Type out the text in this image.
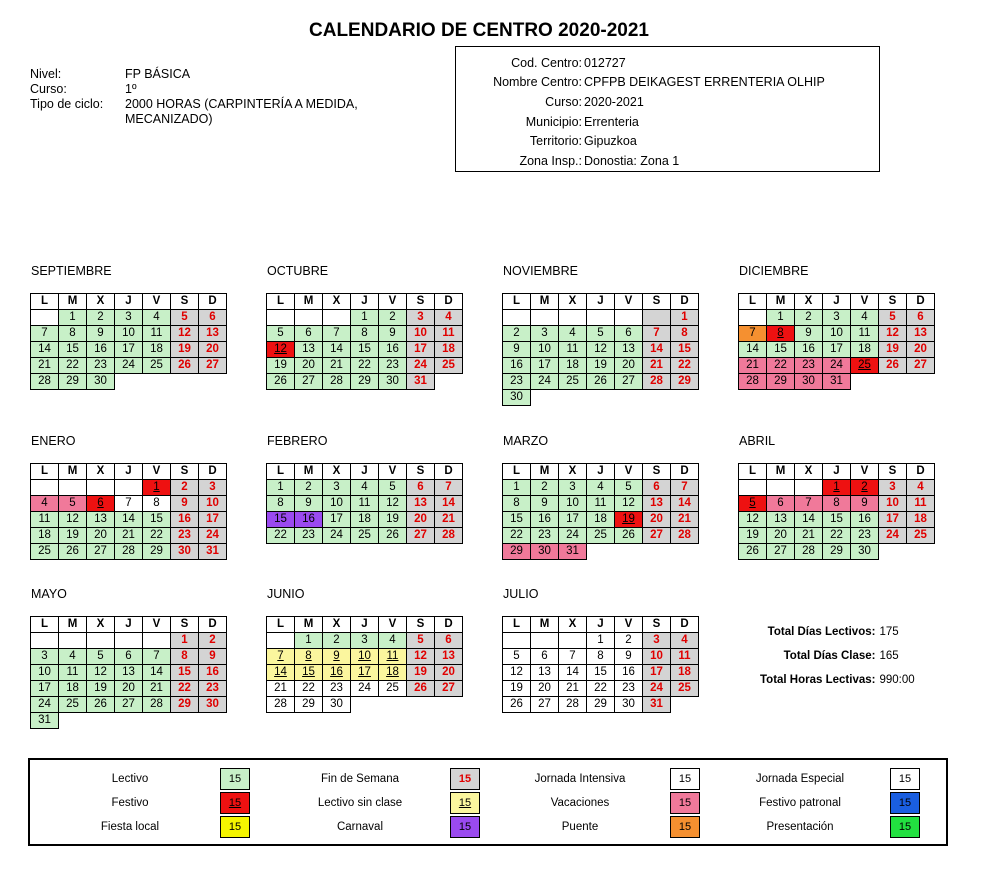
CALENDARIO DE CENTRO 2020-2021
Nivel:	FP BÁSICA
Curso:	1º
Tipo de ciclo:	2000 HORAS (CARPINTERÍA A MEDIDA, MECANIZADO)
Cod. Centro: 012727
Nombre Centro: CPFPB DEIKAGEST ERRENTERIA OLHIP
Curso: 2020-2021
Municipio: Errenteria
Territorio: Gipuzkoa
Zona Insp.: Donostia: Zona 1
SEPTIEMBRE
L	M	X	J	V	S	D
	1	2	3	4	5	6
7	8	9	10	11	12	13
14	15	16	17	18	19	20
21	22	23	24	25	26	27
28	29	30				
OCTUBRE
L	M	X	J	V	S	D
			1	2	3	4
5	6	7	8	9	10	11
12	13	14	15	16	17	18
19	20	21	22	23	24	25
26	27	28	29	30	31	
NOVIEMBRE
L	M	X	J	V	S	D
						1
2	3	4	5	6	7	8
9	10	11	12	13	14	15
16	17	18	19	20	21	22
23	24	25	26	27	28	29
30						
DICIEMBRE
L	M	X	J	V	S	D
	1	2	3	4	5	6
7	8	9	10	11	12	13
14	15	16	17	18	19	20
21	22	23	24	25	26	27
28	29	30	31			
ENERO
L	M	X	J	V	S	D
				1	2	3
4	5	6	7	8	9	10
11	12	13	14	15	16	17
18	19	20	21	22	23	24
25	26	27	28	29	30	31
FEBRERO
L	M	X	J	V	S	D
1	2	3	4	5	6	7
8	9	10	11	12	13	14
15	16	17	18	19	20	21
22	23	24	25	26	27	28
MARZO
L	M	X	J	V	S	D
1	2	3	4	5	6	7
8	9	10	11	12	13	14
15	16	17	18	19	20	21
22	23	24	25	26	27	28
29	30	31				
ABRIL
L	M	X	J	V	S	D
			1	2	3	4
5	6	7	8	9	10	11
12	13	14	15	16	17	18
19	20	21	22	23	24	25
26	27	28	29	30		
MAYO
L	M	X	J	V	S	D
					1	2
3	4	5	6	7	8	9
10	11	12	13	14	15	16
17	18	19	20	21	22	23
24	25	26	27	28	29	30
31						
JUNIO
L	M	X	J	V	S	D
	1	2	3	4	5	6
7	8	9	10	11	12	13
14	15	16	17	18	19	20
21	22	23	24	25	26	27
28	29	30				
JULIO
L	M	X	J	V	S	D
			1	2	3	4
5	6	7	8	9	10	11
12	13	14	15	16	17	18
19	20	21	22	23	24	25
26	27	28	29	30	31	
Total Días Lectivos: 175
Total Días Clase: 165
Total Horas Lectivas: 990:00
Lectivo	15	Fin de Semana	15	Jornada Intensiva	15	Jornada Especial	15
Festivo	15	Lectivo sin clase	15	Vacaciones	15	Festivo patronal	15
Fiesta local	15	Carnaval	15	Puente	15	Presentación	15
